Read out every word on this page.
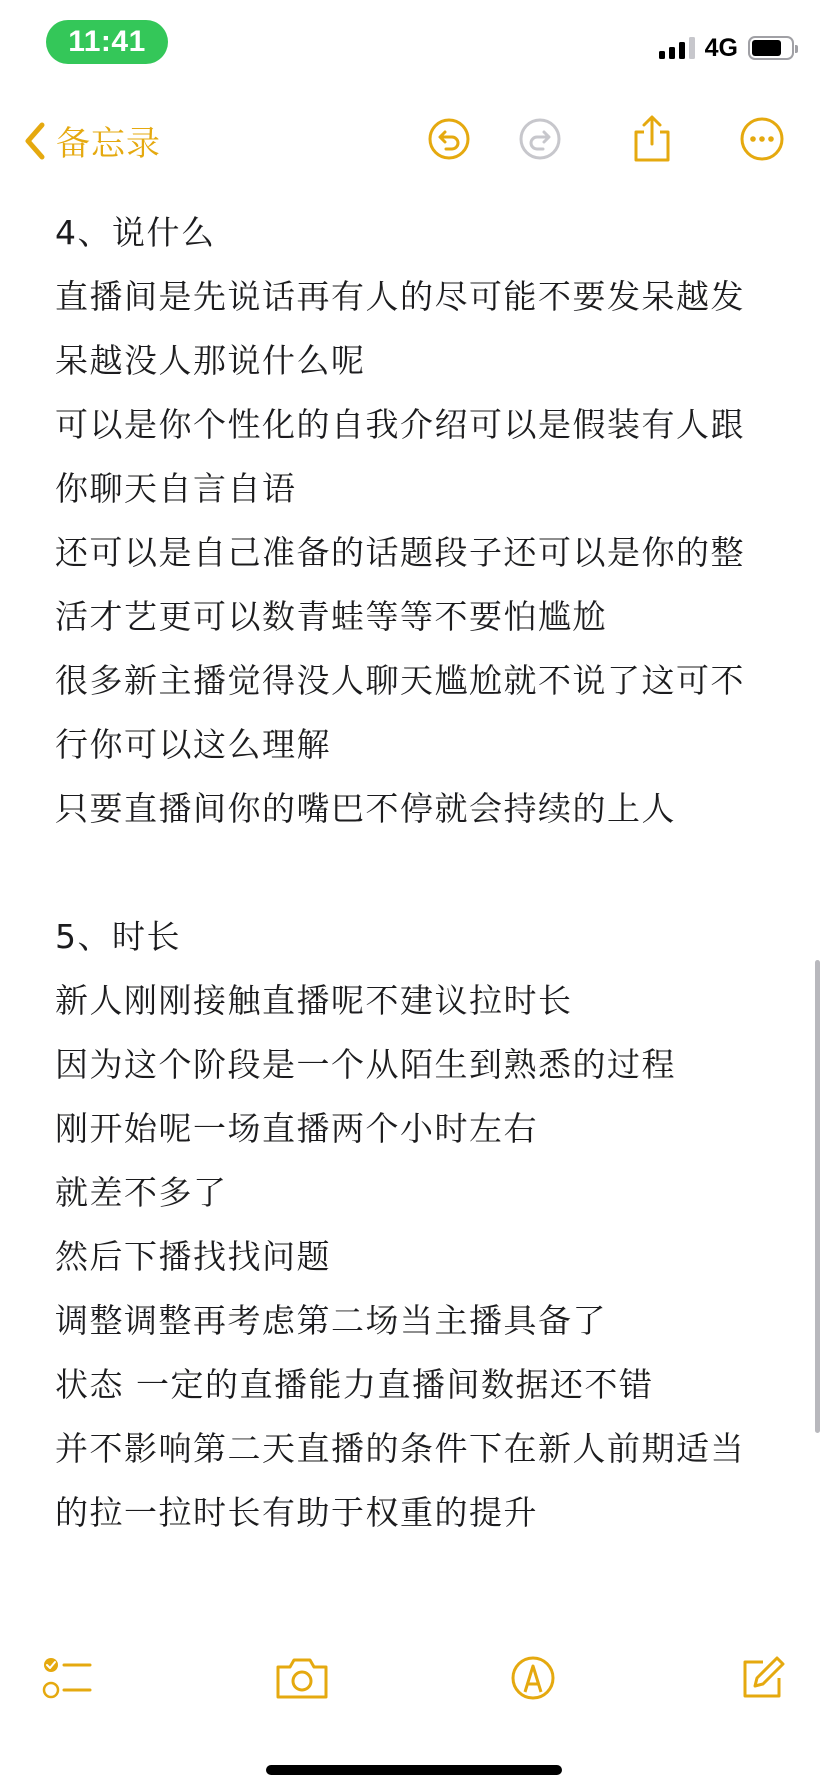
11:41	4G
备忘录
4、说什么
直播间是先说话再有人的尽可能不要发呆越发
呆越没人那说什么呢
可以是你个性化的自我介绍可以是假装有人跟
你聊天自言自语
还可以是自己准备的话题段子还可以是你的整
活才艺更可以数青蛙等等不要怕尴尬
很多新主播觉得没人聊天尴尬就不说了这可不
行你可以这么理解
只要直播间你的嘴巴不停就会持续的上人
5、时长
新人刚刚接触直播呢不建议拉时长
因为这个阶段是一个从陌生到熟悉的过程
刚开始呢一场直播两个小时左右
就差不多了
然后下播找找问题
调整调整再考虑第二场当主播具备了
状态 一定的直播能力直播间数据还不错
并不影响第二天直播的条件下在新人前期适当
的拉一拉时长有助于权重的提升
